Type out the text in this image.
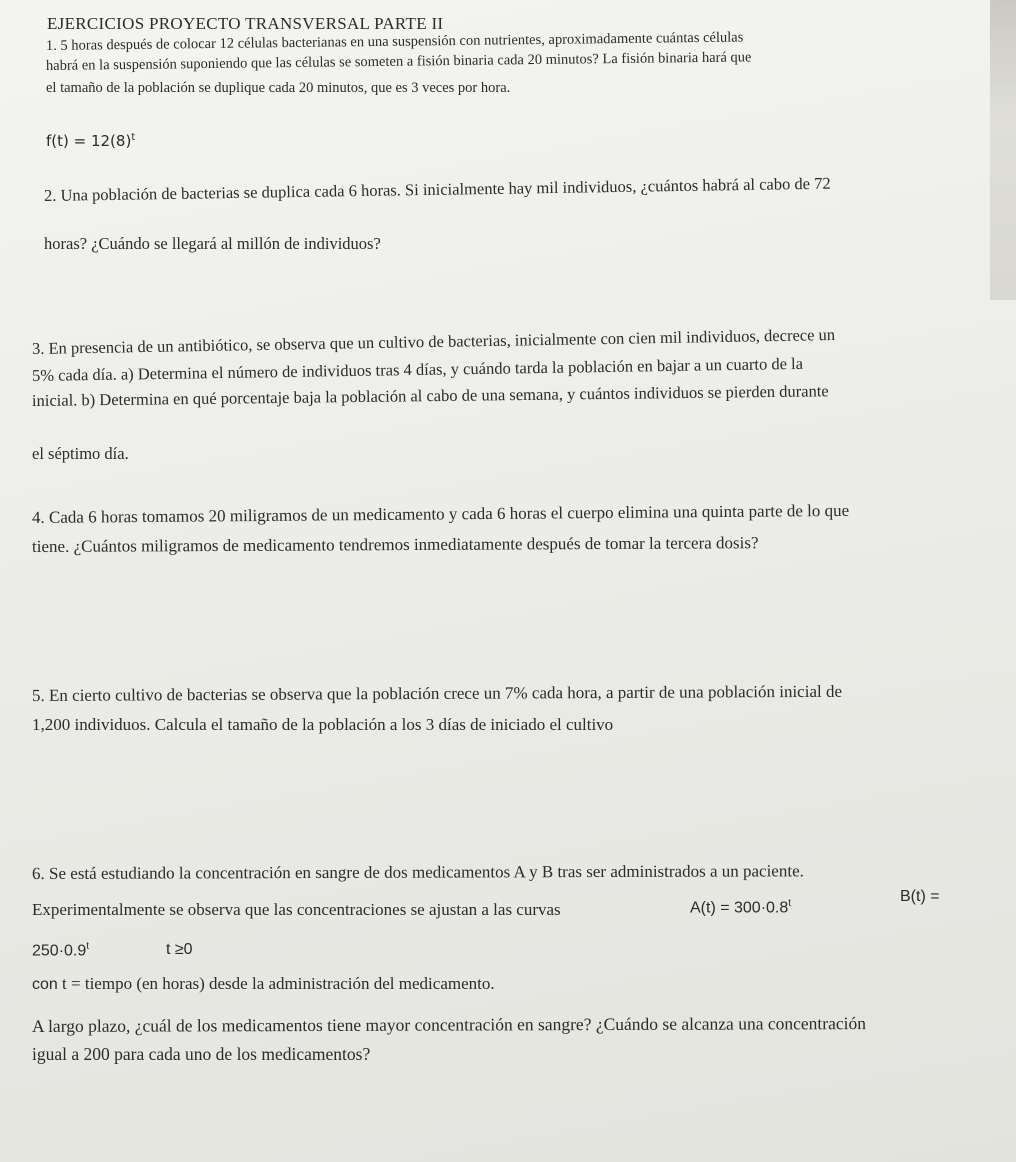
EJERCICIOS PROYECTO TRANSVERSAL PARTE II
1. 5 horas después de colocar 12 células bacterianas en una suspensión con nutrientes, aproximadamente cuántas células
habrá en la suspensión suponiendo que las células se someten a fisión binaria cada 20 minutos? La fisión binaria hará que
el tamaño de la población se duplique cada 20 minutos, que es 3 veces por hora.
$f(t) = 12(8)^t$
2. Una población de bacterias se duplica cada 6 horas. Si inicialmente hay mil individuos, ¿cuántos habrá al cabo de 72
horas? ¿Cuándo se llegará al millón de individuos?
3. En presencia de un antibiótico, se observa que un cultivo de bacterias, inicialmente con cien mil individuos, decrece un
5% cada día. a) Determina el número de individuos tras 4 días, y cuándo tarda la población en bajar a un cuarto de la
inicial. b) Determina en qué porcentaje baja la población al cabo de una semana, y cuántos individuos se pierden durante
el séptimo día.
4. Cada 6 horas tomamos 20 miligramos de un medicamento y cada 6 horas el cuerpo elimina una quinta parte de lo que
tiene. ¿Cuántos miligramos de medicamento tendremos inmediatamente después de tomar la tercera dosis?
5. En cierto cultivo de bacterias se observa que la población crece un 7% cada hora, a partir de una población inicial de
1,200 individuos. Calcula el tamaño de la población a los 3 días de iniciado el cultivo
6. Se está estudiando la concentración en sangre de dos medicamentos A y B tras ser administrados a un paciente.
Experimentalmente se observa que las concentraciones se ajustan a las curvas	$A(t) = 300\cdot 0.8^t$	B(t) =
$250\cdot 0.9^t$	t ≥0
con t = tiempo (en horas) desde la administración del medicamento.
A largo plazo, ¿cuál de los medicamentos tiene mayor concentración en sangre? ¿Cuándo se alcanza una concentración
igual a 200 para cada uno de los medicamentos?
